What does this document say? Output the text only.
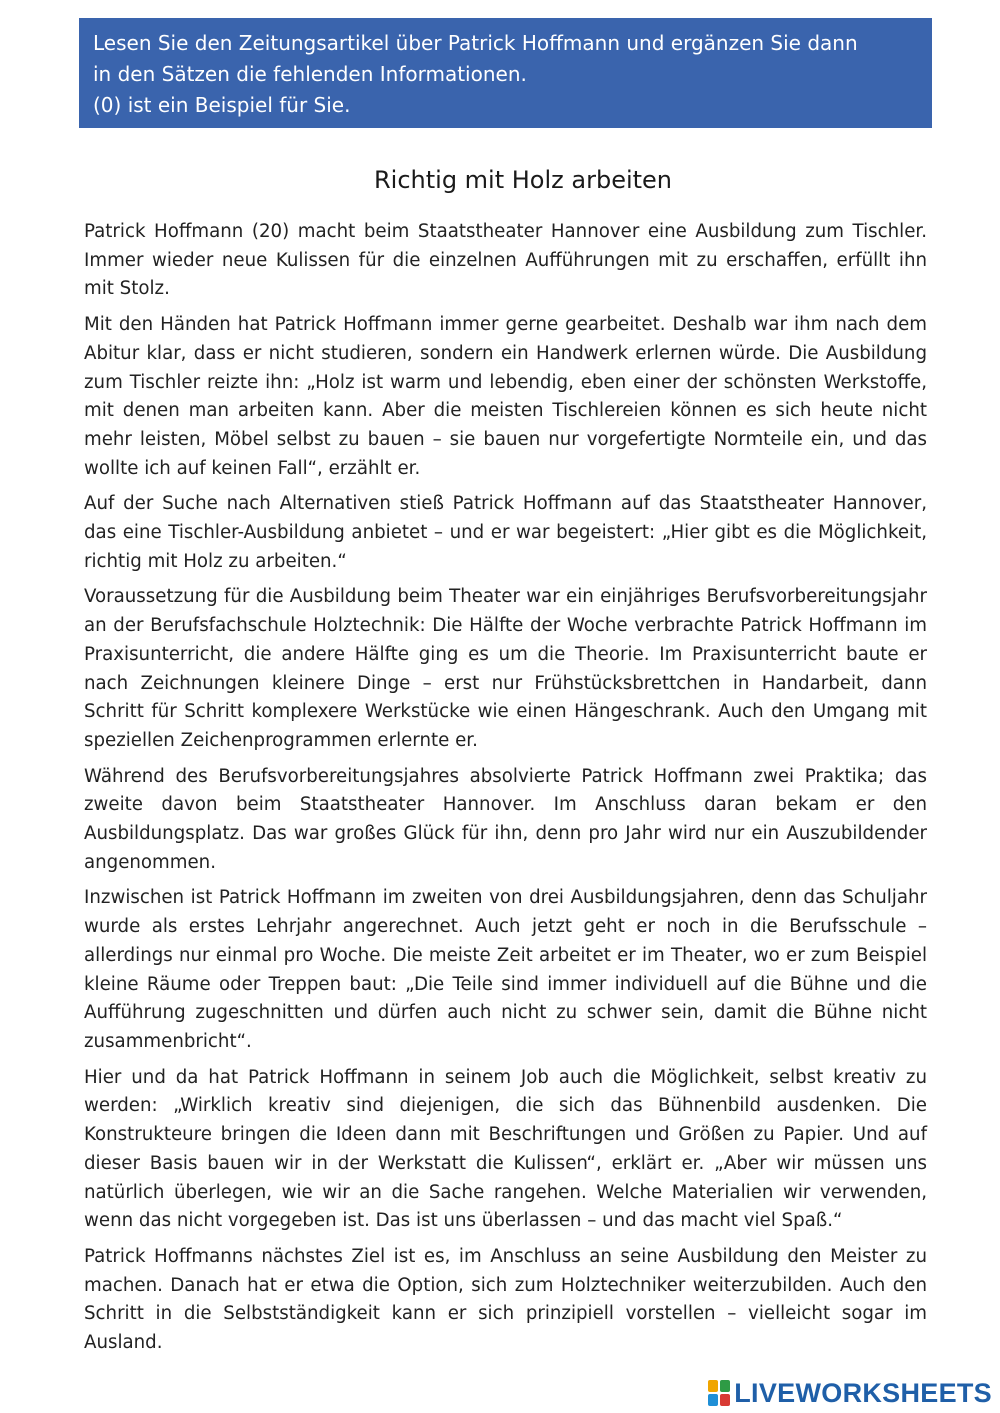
Lesen Sie den Zeitungsartikel über Patrick Hoffmann und ergänzen Sie dann
in den Sätzen die fehlenden Informationen.
(0) ist ein Beispiel für Sie.
Richtig mit Holz arbeiten

Patrick Hoffmann (20) macht beim Staatstheater Hannover eine Ausbildung zum Tischler. Immer wieder neue Kulissen für die einzelnen Aufführungen mit zu erschaffen, erfüllt ihn mit Stolz.

Mit den Händen hat Patrick Hoffmann immer gerne gearbeitet. Deshalb war ihm nach dem Abitur klar, dass er nicht studieren, sondern ein Handwerk erlernen würde. Die Ausbildung zum Tischler reizte ihn: „Holz ist warm und lebendig, eben einer der schönsten Werkstoffe, mit denen man arbeiten kann. Aber die meisten Tischlereien können es sich heute nicht mehr leisten, Möbel selbst zu bauen – sie bauen nur vorgefertigte Normteile ein, und das wollte ich auf keinen Fall“, erzählt er.

Auf der Suche nach Alternativen stieß Patrick Hoffmann auf das Staatstheater Hannover, das eine Tischler-Ausbildung anbietet – und er war begeistert: „Hier gibt es die Möglichkeit, richtig mit Holz zu arbeiten.“

Voraussetzung für die Ausbildung beim Theater war ein einjähriges Berufsvorbereitungsjahr an der Berufsfachschule Holztechnik: Die Hälfte der Woche verbrachte Patrick Hoffmann im Praxisunterricht, die andere Hälfte ging es um die Theorie. Im Praxisunterricht baute er nach Zeichnungen kleinere Dinge – erst nur Frühstücksbrettchen in Handarbeit, dann Schritt für Schritt komplexere Werkstücke wie einen Hängeschrank. Auch den Umgang mit speziellen Zeichenprogrammen erlernte er.

Während des Berufsvorbereitungsjahres absolvierte Patrick Hoffmann zwei Praktika; das zweite davon beim Staatstheater Hannover. Im Anschluss daran bekam er den Ausbildungsplatz. Das war großes Glück für ihn, denn pro Jahr wird nur ein Auszubildender angenommen.

Inzwischen ist Patrick Hoffmann im zweiten von drei Ausbildungsjahren, denn das Schuljahr wurde als erstes Lehrjahr angerechnet. Auch jetzt geht er noch in die Berufsschule – allerdings nur einmal pro Woche. Die meiste Zeit arbeitet er im Theater, wo er zum Beispiel kleine Räume oder Treppen baut: „Die Teile sind immer individuell auf die Bühne und die Aufführung zugeschnitten und dürfen auch nicht zu schwer sein, damit die Bühne nicht zusammenbricht“.

Hier und da hat Patrick Hoffmann in seinem Job auch die Möglichkeit, selbst kreativ zu werden: „Wirklich kreativ sind diejenigen, die sich das Bühnenbild ausdenken. Die Konstrukteure bringen die Ideen dann mit Beschriftungen und Größen zu Papier. Und auf dieser Basis bauen wir in der Werkstatt die Kulissen“, erklärt er. „Aber wir müssen uns natürlich überlegen, wie wir an die Sache rangehen. Welche Materialien wir verwenden, wenn das nicht vorgegeben ist. Das ist uns überlassen – und das macht viel Spaß.“

Patrick Hoffmanns nächstes Ziel ist es, im Anschluss an seine Ausbildung den Meister zu machen. Danach hat er etwa die Option, sich zum Holztechniker weiterzubilden. Auch den Schritt in die Selbstständigkeit kann er sich prinzipiell vorstellen – vielleicht sogar im Ausland.

LIVEWORKSHEETS
